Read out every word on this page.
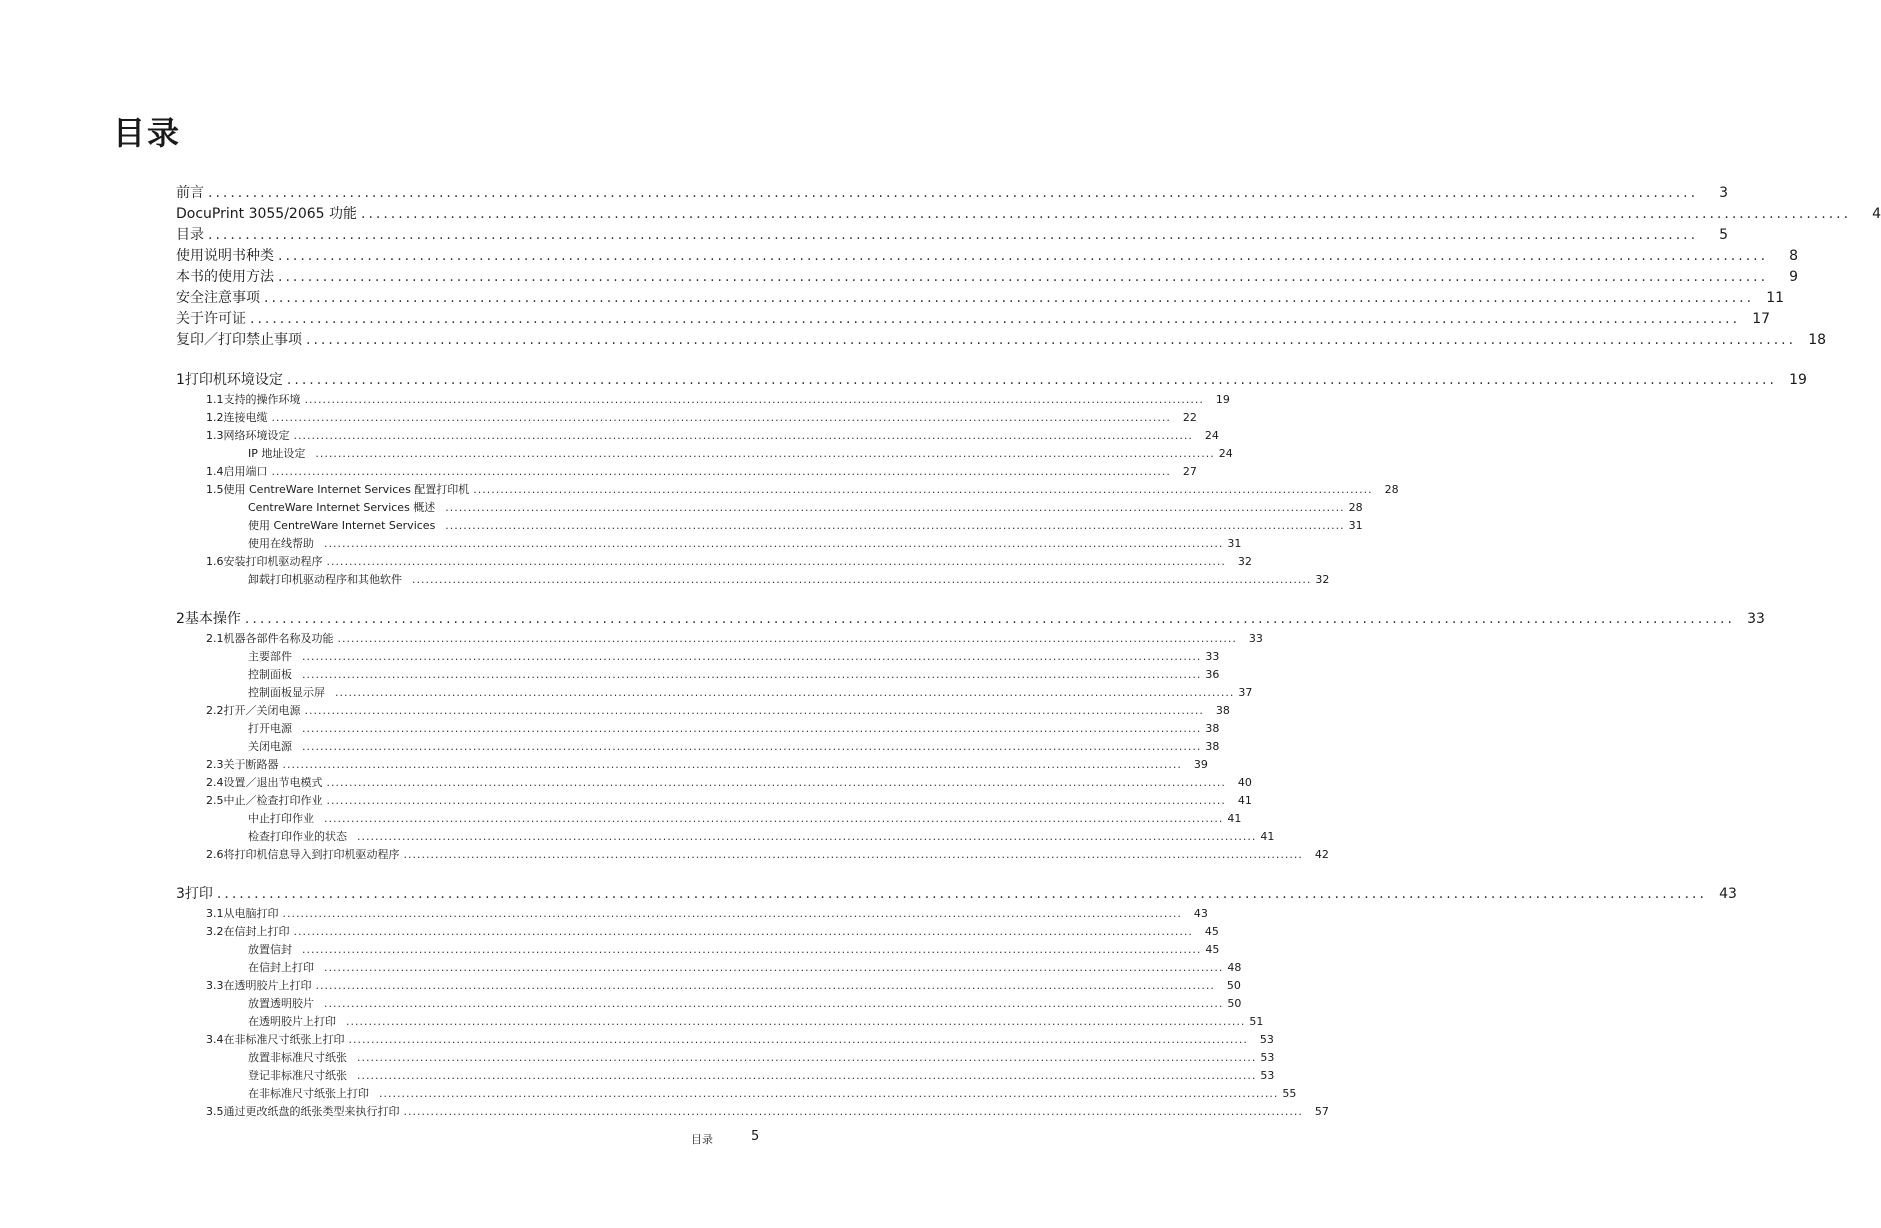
目录
前言 ........................................................................................................................................................................................................	3
DocuPrint 3055/2065 功能 ........................................................................................................................................................................................................	4
目录 ........................................................................................................................................................................................................	5
使用说明书种类 ........................................................................................................................................................................................................	8
本书的使用方法 ........................................................................................................................................................................................................	9
安全注意事项 ........................................................................................................................................................................................................ 11
关于许可证 ........................................................................................................................................................................................................ 17
复印／打印禁止事项 ........................................................................................................................................................................................................ 18
1 打印机环境设定 ........................................................................................................................................................................................................ 19
1.1 支持的操作环境 ........................................................................................................................................................................................................	19
1.2 连接电缆 ........................................................................................................................................................................................................	22
1.3 网络环境设定 ........................................................................................................................................................................................................	24
IP 地址设定 ........................................................................................................................................................................................................ 24
1.4 启用端口 ........................................................................................................................................................................................................	27
1.5 使用 CentreWare Internet Services 配置打印机 ........................................................................................................................................................................................................	28
CentreWare Internet Services 概述 ........................................................................................................................................................................................................ 28
使用 CentreWare Internet Services ........................................................................................................................................................................................................ 31
使用在线帮助 ........................................................................................................................................................................................................ 31
1.6 安装打印机驱动程序 ........................................................................................................................................................................................................	32
卸载打印机驱动程序和其他软件 ........................................................................................................................................................................................................ 32
2 基本操作 ........................................................................................................................................................................................................ 33
2.1 机器各部件名称及功能 ........................................................................................................................................................................................................	33
主要部件 ........................................................................................................................................................................................................ 33
控制面板 ........................................................................................................................................................................................................ 36
控制面板显示屏 ........................................................................................................................................................................................................ 37
2.2 打开／关闭电源 ........................................................................................................................................................................................................	38
打开电源 ........................................................................................................................................................................................................ 38
关闭电源 ........................................................................................................................................................................................................ 38
2.3 关于断路器 ........................................................................................................................................................................................................	39
2.4 设置／退出节电模式 ........................................................................................................................................................................................................	40
2.5 中止／检查打印作业 ........................................................................................................................................................................................................	41
中止打印作业 ........................................................................................................................................................................................................ 41
检查打印作业的状态 ........................................................................................................................................................................................................ 41
2.6 将打印机信息导入到打印机驱动程序 ........................................................................................................................................................................................................	42
3 打印 ........................................................................................................................................................................................................ 43
3.1 从电脑打印 ........................................................................................................................................................................................................	43
3.2 在信封上打印 ........................................................................................................................................................................................................	45
放置信封 ........................................................................................................................................................................................................ 45
在信封上打印 ........................................................................................................................................................................................................ 48
3.3 在透明胶片上打印 ........................................................................................................................................................................................................	50
放置透明胶片 ........................................................................................................................................................................................................ 50
在透明胶片上打印 ........................................................................................................................................................................................................ 51
3.4 在非标准尺寸纸张上打印 ........................................................................................................................................................................................................	53
放置非标准尺寸纸张 ........................................................................................................................................................................................................ 53
登记非标准尺寸纸张 ........................................................................................................................................................................................................ 53
在非标准尺寸纸张上打印 ........................................................................................................................................................................................................ 55
3.5 通过更改纸盘的纸张类型来执行打印 ........................................................................................................................................................................................................	57
目录	5
